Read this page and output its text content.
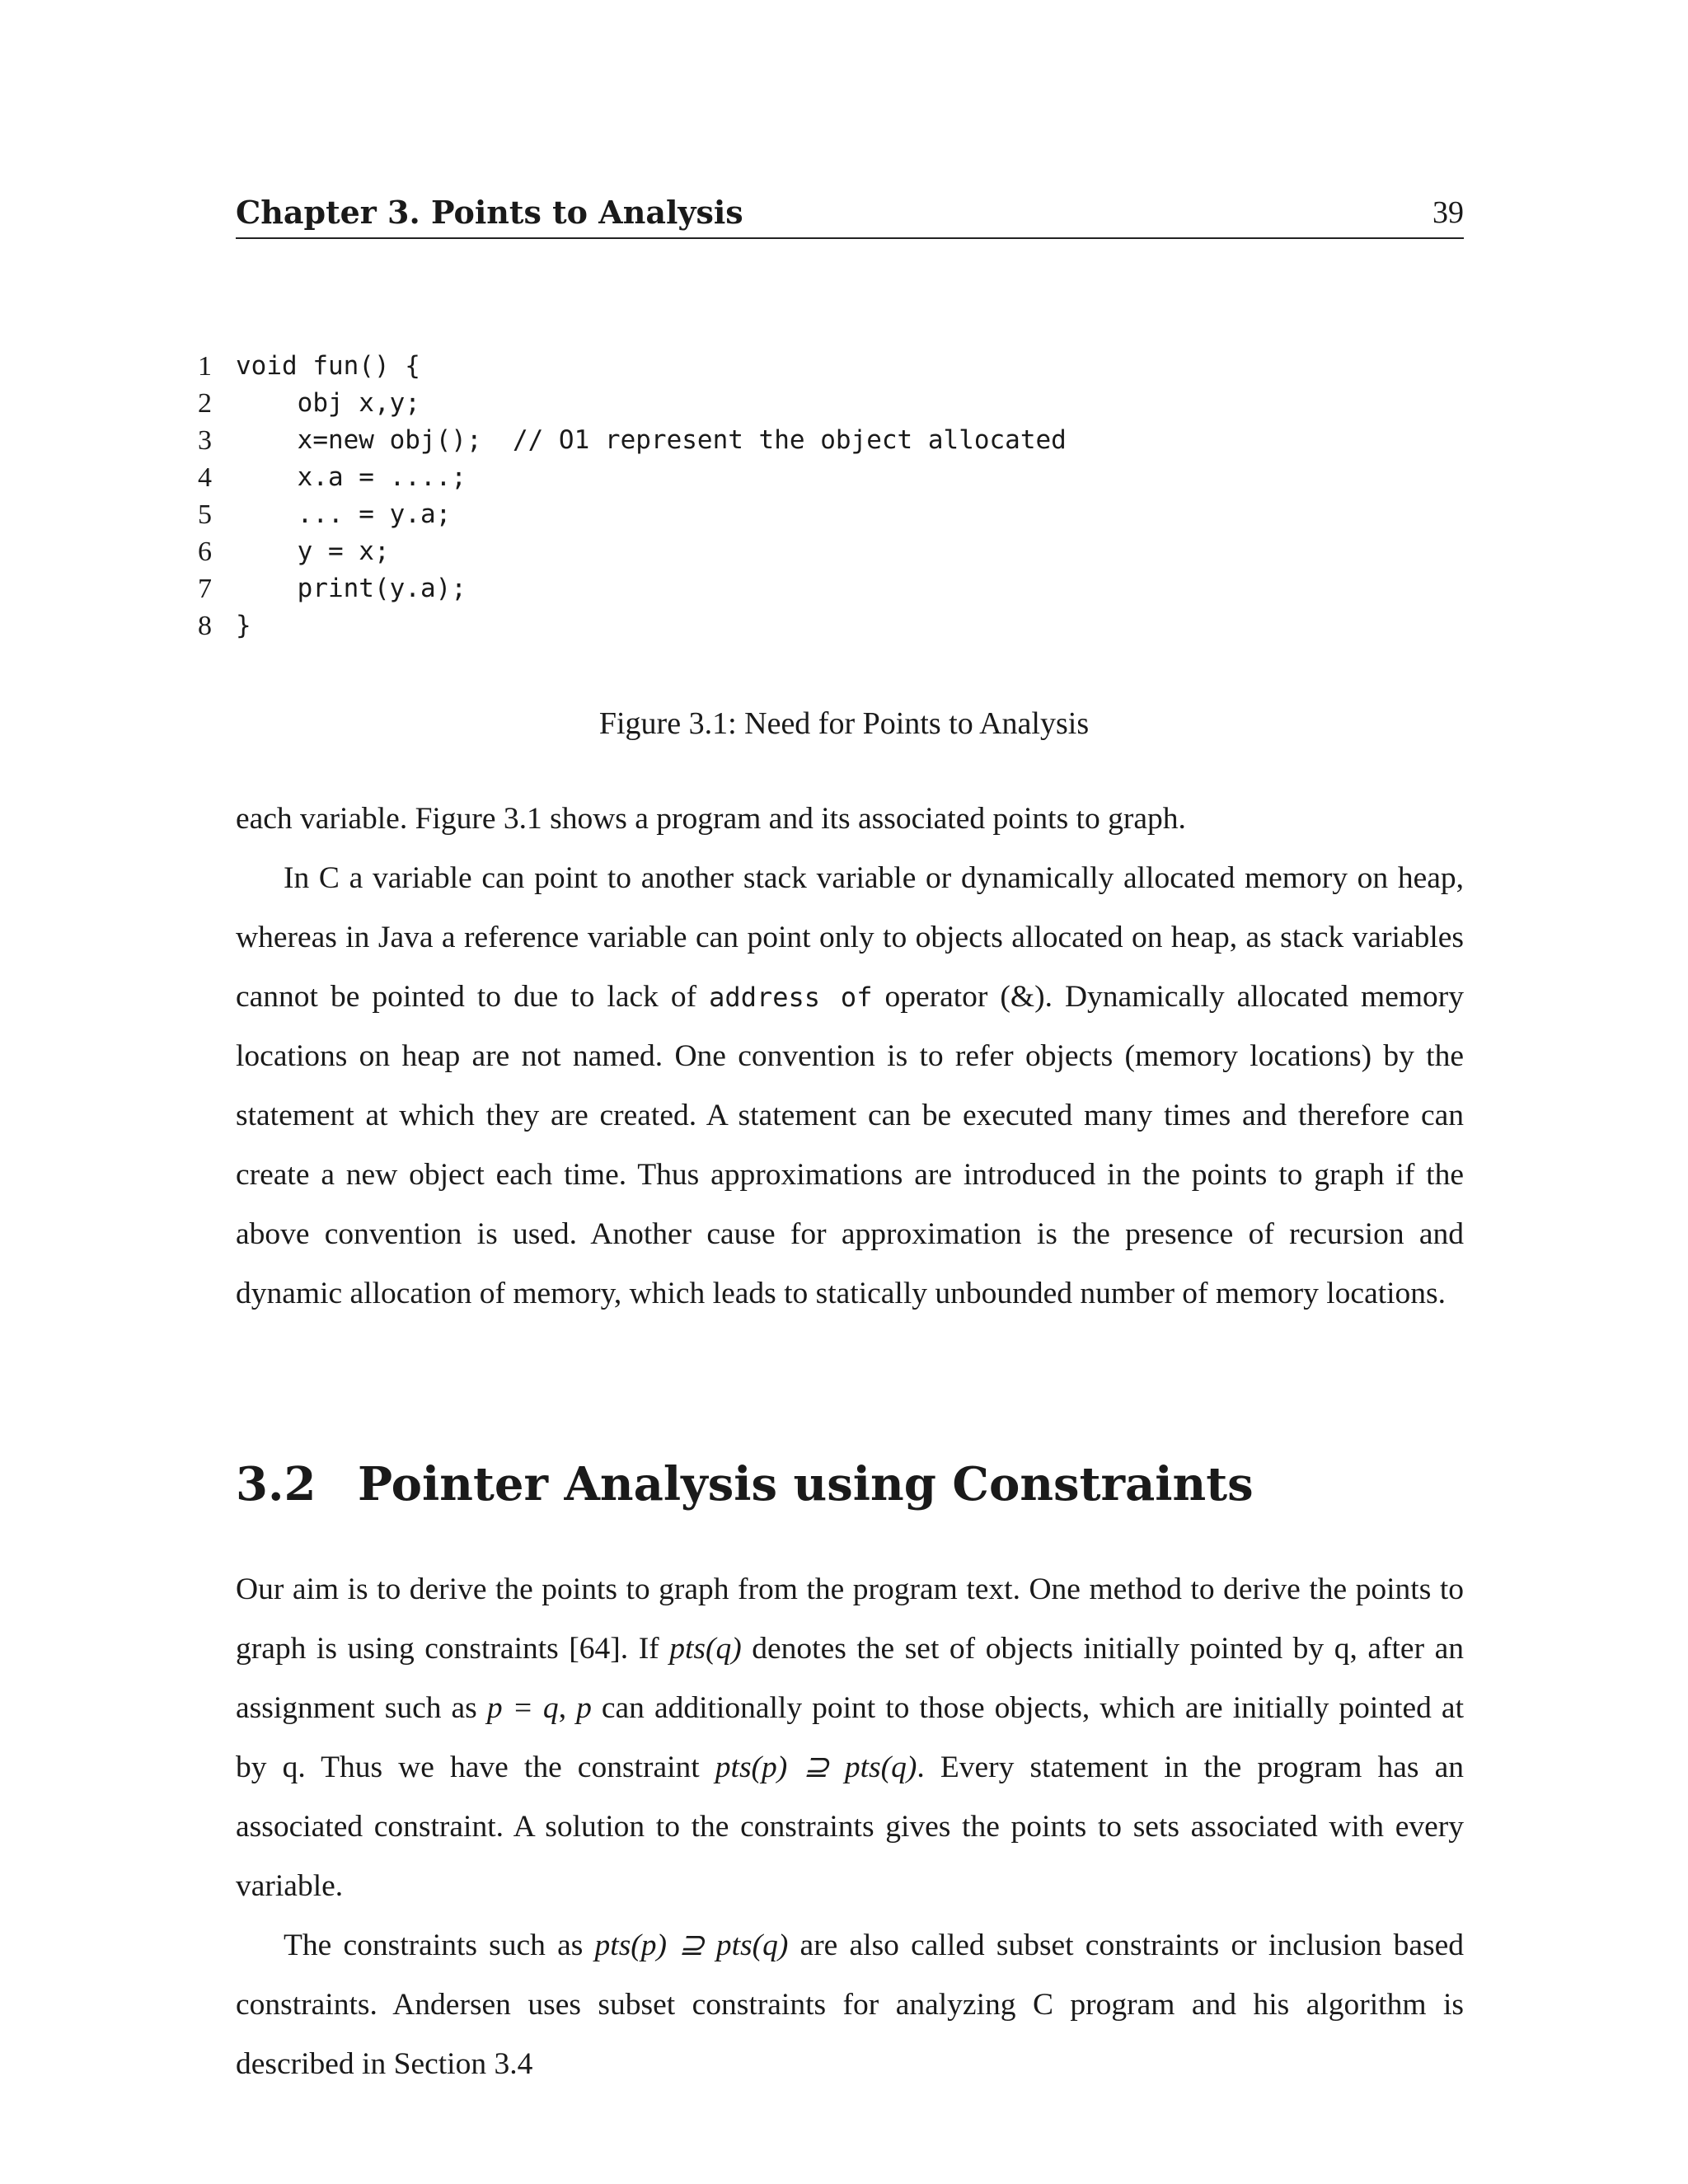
Chapter 3. Points to Analysis	39
1 void fun() {
2 obj x,y;
3 x=new obj();  // O1 represent the object allocated
4 x.a = ....;
5 ... = y.a;
6 y = x;
7 print(y.a);
8 }
Figure 3.1: Need for Points to Analysis

each variable. Figure 3.1 shows a program and its associated points to graph.

In C a variable can point to another stack variable or dynamically allocated memory on heap, whereas in Java a reference variable can point only to objects allocated on heap, as stack variables cannot be pointed to due to lack of address of operator (&). Dynamically allocated memory locations on heap are not named. One convention is to refer objects (memory locations) by the statement at which they are created. A statement can be executed many times and therefore can create a new object each time. Thus approximations are introduced in the points to graph if the above convention is used. Another cause for approximation is the presence of recursion and dynamic allocation of memory, which leads to statically unbounded number of memory locations.

3.2 Pointer Analysis using Constraints

Our aim is to derive the points to graph from the program text. One method to derive the points to graph is using constraints [64]. If pts(q) denotes the set of objects initially pointed by q, after an assignment such as p = q, p can additionally point to those objects, which are initially pointed at by q. Thus we have the constraint pts(p) ⊇ pts(q). Every statement in the program has an associated constraint. A solution to the constraints gives the points to sets associated with every variable.

The constraints such as pts(p) ⊇ pts(q) are also called subset constraints or inclusion based constraints. Andersen uses subset constraints for analyzing C program and his algorithm is described in Section 3.4
